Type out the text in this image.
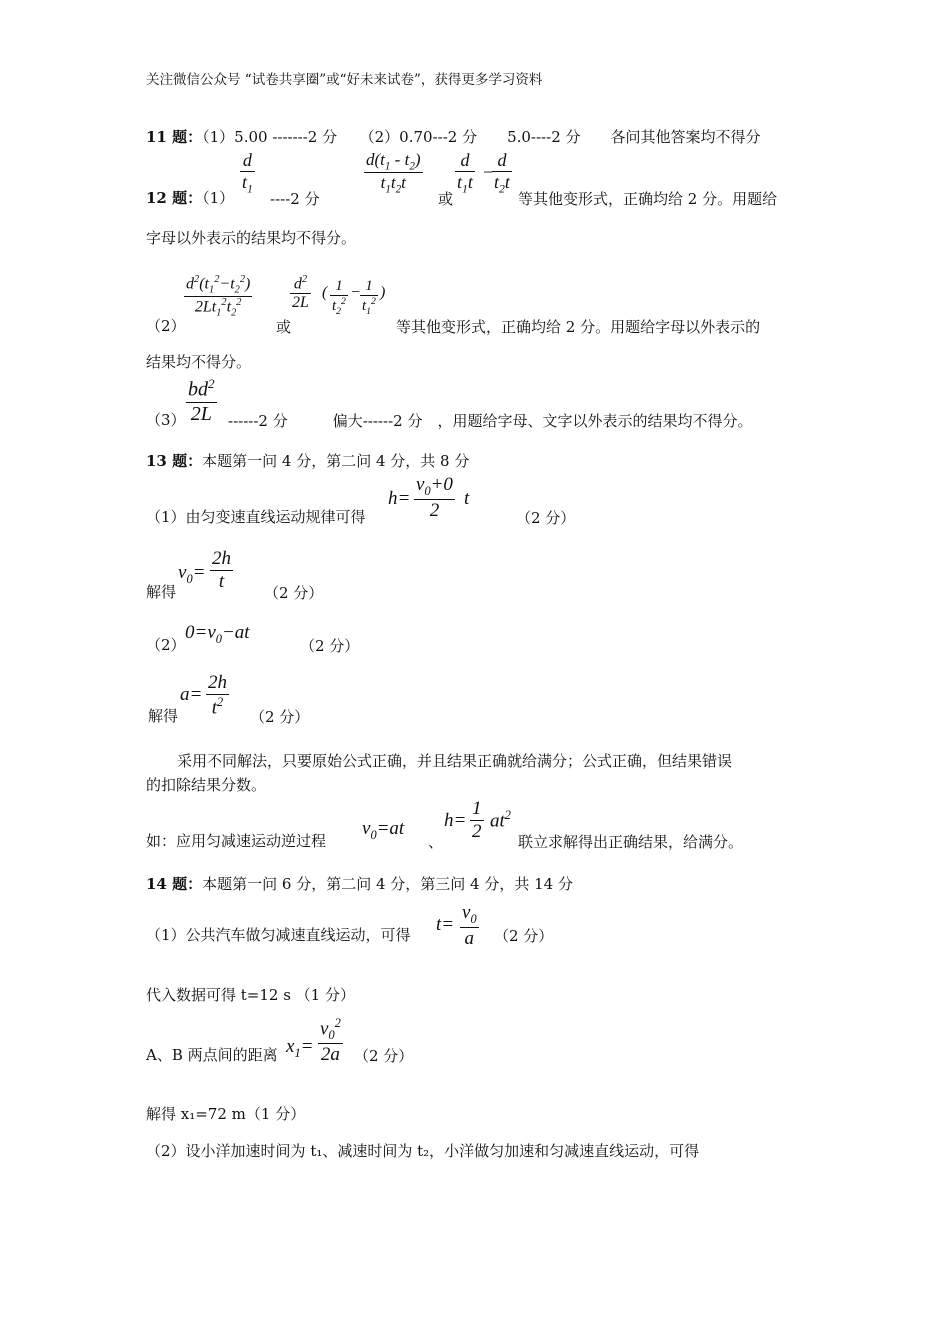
关注微信公众号 “试卷共享圈”或“好未来试卷”，获得更多学习资料
11 题：（1）5.00 -------2 分　　（2）0.70---2 分　　5.0----2 分　　各问其他答案均不得分
12 题：（1）
$\frac{d}{t_1}$
----2 分
$\frac{d(t_1 - t_2)}{t_1t_2t}$
或
$\frac{d}{t_1t}$ −
$\frac{d}{t_2t}$
等其他变形式，正确均给 2 分。用题给
字母以外表示的结果均不得分。
$\frac{d^2(t_1^2-t_2^2)}{2Lt_1^2t_2^2} \frac{d^2}{2L}$ ( $\frac{1}{t_2^2} - \frac{1}{t_1^2}$ )
（2）	或	等其他变形式，正确均给 2 分。用题给字母以外表示的
结果均不得分。
$\frac{bd^2}{2L}$
（3）	------2 分　　　偏大------2 分　，用题给字母、文字以外表示的结果均不得分。
13 题：本题第一问 4 分，第二问 4 分，共 8 分
（1）由匀变速直线运动规律可得
$h= \frac{v_0+0}{2}$ t
（2 分）
解得
$v_0= \frac{2h}{t} (2$ 分）
（2）
$0=v_0-at$
（2 分）
解得
$a= \frac{2h}{t^2} (2$ 分）
采用不同解法，只要原始公式正确，并且结果正确就给满分；公式正确，但结果错误
的扣除结果分数。
如：应用匀减速运动逆过程
$v_0=at$
、
$h= \frac{1}{2} at^2$
联立求解得出正确结果，给满分。
14 题：本题第一问 6 分，第二问 4 分，第三问 4 分，共 14 分
（1）公共汽车做匀减速直线运动，可得 $t= \frac{v_0}{a} (2$ 分）
代入数据可得 t=12 s （1 分）
A、B 两点间的距离 $x_1= \frac{v_0^2}{2a} (2$ 分）
解得 x₁=72 m（1 分）
（2）设小洋加速时间为 t₁、减速时间为 t₂，小洋做匀加速和匀减速直线运动，可得
